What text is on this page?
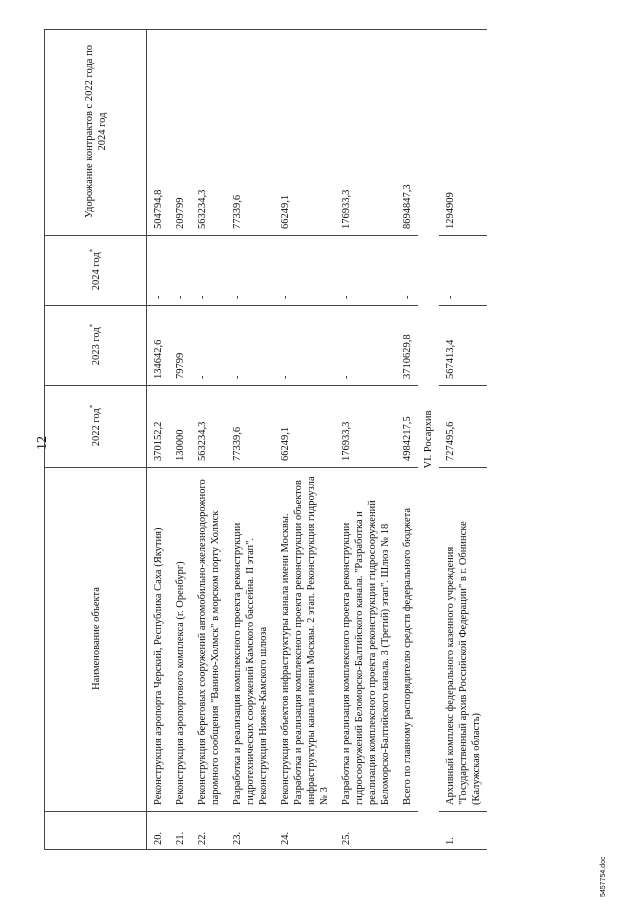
12
	Наименование объекта	2022 год*	2023 год*	2024 год*	Удорожание контрактов с 2022 года по 2024 год
20.	Реконструкция аэропорта Черский, Республика Саха (Якутия)	370152,2	134642,6	-	504794,8
21.	Реконструкция аэропортового комплекса (г. Оренбург)	130000	79799	-	209799
22.	Реконструкция береговых сооружений автомобильно-железнодорожного паромного сообщения "Ванино-Холмск" в морском порту Холмск	563234,3	-	-	563234,3
23.	Разработка и реализация комплексного проекта реконструкции гидротехнических сооружений Камского бассейна. II этап". Реконструкция Нижне-Камского шлюза	77339,6	-	-	77339,6
24.	Реконструкция объектов инфраструктуры канала имени Москвы. Разработка и реализация комплексного проекта реконструкции объектов инфраструктуры канала имени Москвы. 2 этап. Реконструкция гидроузла № 3	66249,1	-	-	66249,1
25.	Разработка и реализация комплексного проекта реконструкции гидросооружений Беломорско-Балтийского канала. "Разработка и реализация комплексного проекта реконструкции гидросооружений Беломорско-Балтийского канала. 3 (Третий) этап". Шлюз № 18	176933,3	-	-	176933,3
	Всего по главному распорядителю средств федерального бюджета	4984217,5	3710629,8	-	8694847,3
VI. Росархив					
1.	Архивный комплекс федерального казенного учреждения "Государственный архив Российской Федерации" в г. Обнинске (Калужская область)	727495,6	567413,4	-	1294909
5457754.doc
